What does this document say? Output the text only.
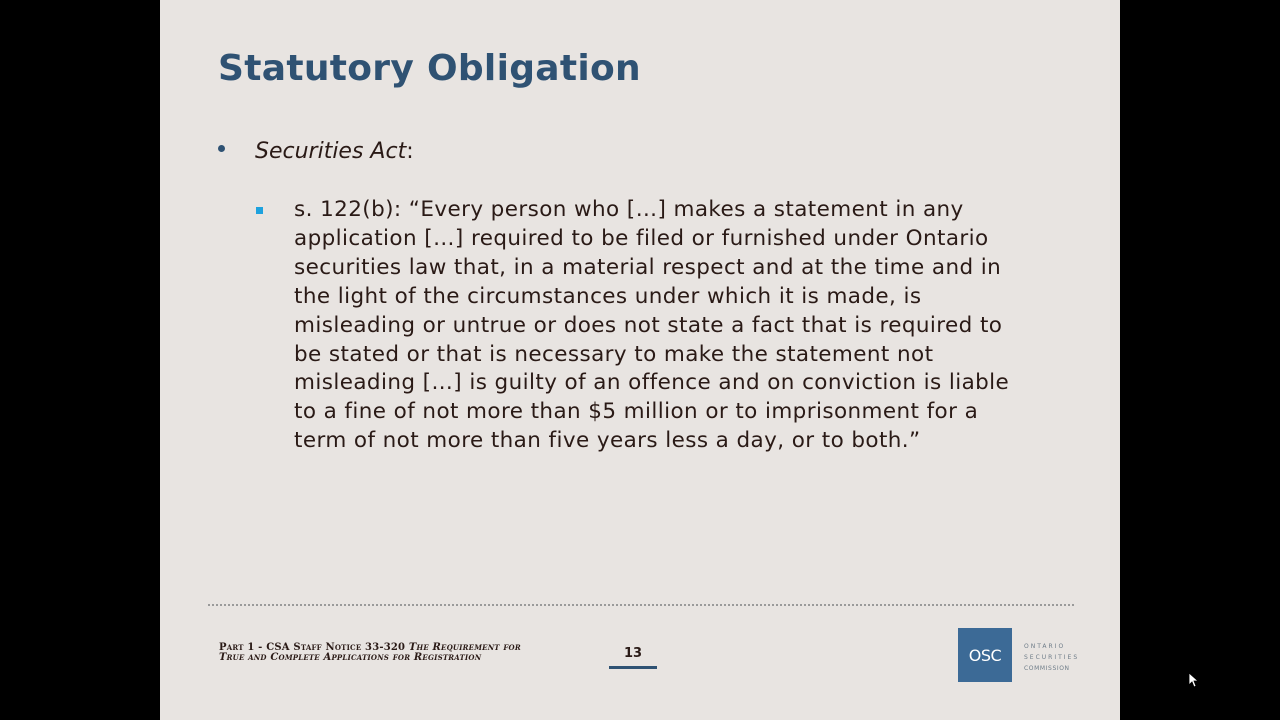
Statutory Obligation
Securities Act :
s. 122(b): “Every person who […] makes a statement in any application […] required to be filed or furnished under Ontario securities law that, in a material respect and at the time and in the light of the circumstances under which it is made, is misleading or untrue or does not state a fact that is required to be stated or that is necessary to make the statement not misleading […] is guilty of an offence and on conviction is liable to a fine of not more than $5 million or to imprisonment for a term of not more than five years less a day, or to both.”
Part 1 - CSA Staff Notice 33-320 The Requirement for
True and Complete Applications for Registration	13	OSC	ONTARIO
SECURITIES
COMMISSION
